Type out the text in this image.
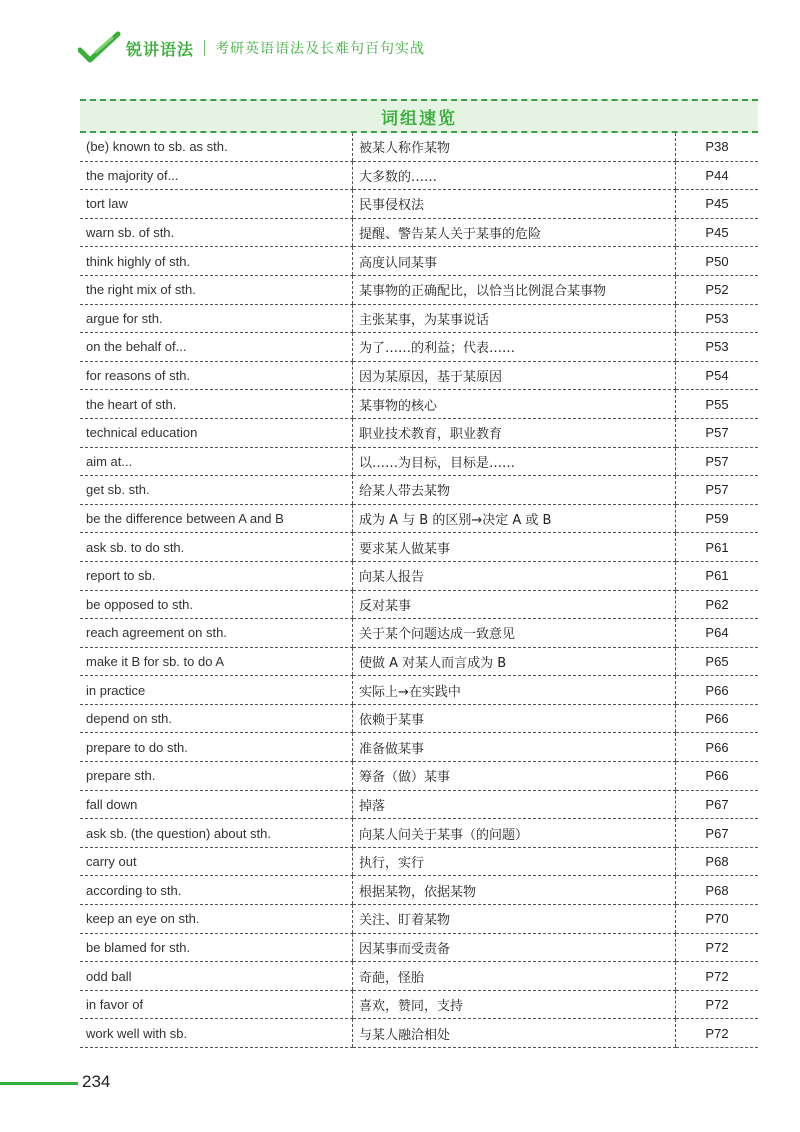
锐讲语法 考研英语语法及长难句百句实战
词组速览
(be) known to sb. as sth.	被某人称作某物	P38
the majority of...	大多数的……	P44
tort law	民事侵权法	P45
warn sb. of sth.	提醒、警告某人关于某事的危险	P45
think highly of sth.	高度认同某事	P50
the right mix of sth.	某事物的正确配比，以恰当比例混合某事物	P52
argue for sth.	主张某事，为某事说话	P53
on the behalf of...	为了……的利益；代表……	P53
for reasons of sth.	因为某原因，基于某原因	P54
the heart of sth.	某事物的核心	P55
technical education	职业技术教育，职业教育	P57
aim at...	以……为目标，目标是……	P57
get sb. sth.	给某人带去某物	P57
be the difference between A and B	成为 A 与 B 的区别→决定 A 或 B	P59
ask sb. to do sth.	要求某人做某事	P61
report to sb.	向某人报告	P61
be opposed to sth.	反对某事	P62
reach agreement on sth.	关于某个问题达成一致意见	P64
make it B for sb. to do A	使做 A 对某人而言成为 B	P65
in practice	实际上→在实践中	P66
depend on sth.	依赖于某事	P66
prepare to do sth.	准备做某事	P66
prepare sth.	筹备（做）某事	P66
fall down	掉落	P67
ask sb. (the question) about sth.	向某人问关于某事（的问题）	P67
carry out	执行，实行	P68
according to sth.	根据某物，依据某物	P68
keep an eye on sth.	关注、盯着某物	P70
be blamed for sth.	因某事而受责备	P72
odd ball	奇葩，怪胎	P72
in favor of	喜欢，赞同，支持	P72
work well with sb.	与某人融洽相处	P72
234
